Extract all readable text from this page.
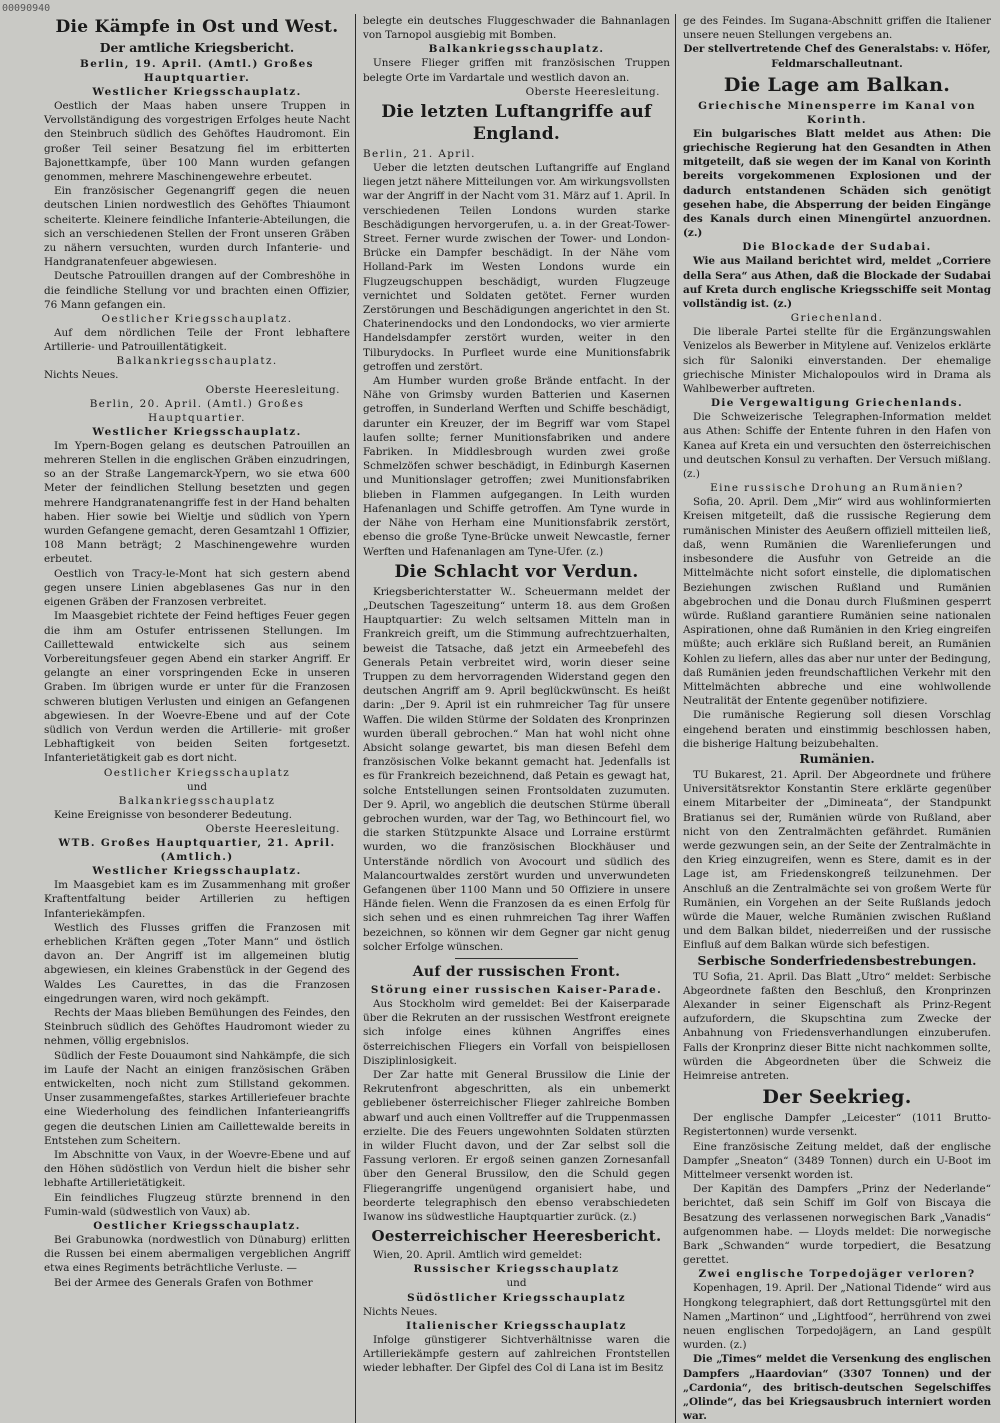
00090940
Die Kämpfe in Ost und West.
Der amtliche Kriegsbericht.
Berlin, 19. April. (Amtl.) Großes Hauptquartier.
Westlicher Kriegsschauplatz.

Oestlich der Maas haben unsere Truppen in Vervollständigung des vorgestrigen Erfolges heute Nacht den Steinbruch südlich des Gehöftes Haudromont. Ein großer Teil seiner Besatzung fiel im erbitterten Bajonettkampfe, über 100 Mann wurden gefangen genommen, mehrere Maschinengewehre erbeutet.

Ein französischer Gegenangriff gegen die neuen deutschen Linien nordwestlich des Gehöftes Thiaumont scheiterte. Kleinere feindliche Infanterie-Abteilungen, die sich an verschiedenen Stellen der Front unseren Gräben zu nähern versuchten, wurden durch Infanterie- und Handgranatenfeuer abgewiesen.

Deutsche Patrouillen drangen auf der Combreshöhe in die feindliche Stellung vor und brachten einen Offizier, 76 Mann gefangen ein.

Oestlicher Kriegsschauplatz.

Auf dem nördlichen Teile der Front lebhaftere Artillerie- und Patrouillentätigkeit.

Balkankriegsschauplatz.

Nichts Neues.

Oberste Heeresleitung.
Berlin, 20. April. (Amtl.) Großes Hauptquartier.
Westlicher Kriegsschauplatz.

Im Ypern-Bogen gelang es deutschen Patrouillen an mehreren Stellen in die englischen Gräben einzudringen, so an der Straße Langemarck-Ypern, wo sie etwa 600 Meter der feindlichen Stellung besetzten und gegen mehrere Handgranatenangriffe fest in der Hand behalten haben. Hier sowie bei Wieltje und südlich von Ypern wurden Gefangene gemacht, deren Gesamtzahl 1 Offizier, 108 Mann beträgt; 2 Maschinengewehre wurden erbeutet.

Oestlich von Tracy-le-Mont hat sich gestern abend gegen unsere Linien abgeblasenes Gas nur in den eigenen Gräben der Franzosen verbreitet.

Im Maasgebiet richtete der Feind heftiges Feuer gegen die ihm am Ostufer entrissenen Stellungen. Im Caillettewald entwickelte sich aus seinem Vorbereitungsfeuer gegen Abend ein starker Angriff. Er gelangte an einer vorspringenden Ecke in unseren Graben. Im übrigen wurde er unter für die Franzosen schweren blutigen Verlusten und einigen an Gefangenen abgewiesen. In der Woevre-Ebene und auf der Cote südlich von Verdun werden die Artillerie- mit großer Lebhaftigkeit von beiden Seiten fortgesetzt. Infanterietätigkeit gab es dort nicht.

Oestlicher Kriegsschauplatz
und
Balkankriegsschauplatz

Keine Ereignisse von besonderer Bedeutung.

Oberste Heeresleitung.
WTB. Großes Hauptquartier, 21. April. (Amtlich.)
Westlicher Kriegsschauplatz.

Im Maasgebiet kam es im Zusammenhang mit großer Kraftentfaltung beider Artillerien zu heftigen Infanteriekämpfen.

Westlich des Flusses griffen die Franzosen mit erheblichen Kräften gegen „Toter Mann“ und östlich davon an. Der Angriff ist im allgemeinen blutig abgewiesen, ein kleines Grabenstück in der Gegend des Waldes Les Caurettes, in das die Franzosen eingedrungen waren, wird noch gekämpft.

Rechts der Maas blieben Bemühungen des Feindes, den Steinbruch südlich des Gehöftes Haudromont wieder zu nehmen, völlig ergebnislos.

Südlich der Feste Douaumont sind Nahkämpfe, die sich im Laufe der Nacht an einigen französischen Gräben entwickelten, noch nicht zum Stillstand gekommen. Unser zusammengefaßtes, starkes Artilleriefeuer brachte eine Wiederholung des feindlichen Infanterieangriffs gegen die deutschen Linien am Caillettewalde bereits in Entstehen zum Scheitern.

Im Abschnitte von Vaux, in der Woevre-Ebene und auf den Höhen südöstlich von Verdun hielt die bisher sehr lebhafte Artillerietätigkeit.

Ein feindliches Flugzeug stürzte brennend in den Fumin-wald (südwestlich von Vaux) ab.

Oestlicher Kriegsschauplatz.

Bei Grabunowka (nordwestlich von Dünaburg) erlitten die Russen bei einem abermaligen vergeblichen Angriff etwa eines Regiments beträchtliche Verluste. —

Bei der Armee des Generals Grafen von Bothmer

belegte ein deutsches Fluggeschwader die Bahnanlagen von Tarnopol ausgiebig mit Bomben.

Balkankriegsschauplatz.

Unsere Flieger griffen mit französischen Truppen belegte Orte im Vardartale und westlich davon an.

Oberste Heeresleitung.
Die letzten Luftangriffe auf England.
Berlin, 21. April.

Ueber die letzten deutschen Luftangriffe auf England liegen jetzt nähere Mitteilungen vor. Am wirkungsvollsten war der Angriff in der Nacht vom 31. März auf 1. April. In verschiedenen Teilen Londons wurden starke Beschädigungen hervorgerufen, u. a. in der Great-Tower-Street. Ferner wurde zwischen der Tower- und London-Brücke ein Dampfer beschädigt. In der Nähe vom Holland-Park im Westen Londons wurde ein Flugzeugschuppen beschädigt, wurden Flugzeuge vernichtet und Soldaten getötet. Ferner wurden Zerstörungen und Beschädigungen angerichtet in den St. Chaterinendocks und den Londondocks, wo vier armierte Handelsdampfer zerstört wurden, weiter in den Tilburydocks. In Purfleet wurde eine Munitionsfabrik getroffen und zerstört.

Am Humber wurden große Brände entfacht. In der Nähe von Grimsby wurden Batterien und Kasernen getroffen, in Sunderland Werften und Schiffe beschädigt, darunter ein Kreuzer, der im Begriff war vom Stapel laufen sollte; ferner Munitionsfabriken und andere Fabriken. In Middlesbrough wurden zwei große Schmelzöfen schwer beschädigt, in Edinburgh Kasernen und Munitionslager getroffen; zwei Munitionsfabriken blieben in Flammen aufgegangen. In Leith wurden Hafenanlagen und Schiffe getroffen. Am Tyne wurde in der Nähe von Herham eine Munitionsfabrik zerstört, ebenso die große Tyne-Brücke unweit Newcastle, ferner Werften und Hafenanlagen am Tyne-Ufer. (z.)

Die Schlacht vor Verdun.

Kriegsberichterstatter W.. Scheuermann meldet der „Deutschen Tageszeitung“ unterm 18. aus dem Großen Hauptquartier: Zu welch seltsamen Mitteln man in Frankreich greift, um die Stimmung aufrechtzuerhalten, beweist die Tatsache, daß jetzt ein Armeebefehl des Generals Petain verbreitet wird, worin dieser seine Truppen zu dem hervorragenden Widerstand gegen den deutschen Angriff am 9. April beglückwünscht. Es heißt darin: „Der 9. April ist ein ruhmreicher Tag für unsere Waffen. Die wilden Stürme der Soldaten des Kronprinzen wurden überall gebrochen.“ Man hat wohl nicht ohne Absicht solange gewartet, bis man diesen Befehl dem französischen Volke bekannt gemacht hat. Jedenfalls ist es für Frankreich bezeichnend, daß Petain es gewagt hat, solche Entstellungen seinen Frontsoldaten zuzumuten. Der 9. April, wo angeblich die deutschen Stürme überall gebrochen wurden, war der Tag, wo Bethincourt fiel, wo die starken Stützpunkte Alsace und Lorraine erstürmt wurden, wo die französischen Blockhäuser und Unterstände nördlich von Avocourt und südlich des Malancourtwaldes zerstört wurden und unverwundeten Gefangenen über 1100 Mann und 50 Offiziere in unsere Hände fielen. Wenn die Franzosen da es einen Erfolg für sich sehen und es einen ruhmreichen Tag ihrer Waffen bezeichnen, so können wir dem Gegner gar nicht genug solcher Erfolge wünschen.

Auf der russischen Front.
Störung einer russischen Kaiser-Parade.

Aus Stockholm wird gemeldet: Bei der Kaiserparade über die Rekruten an der russischen Westfront ereignete sich infolge eines kühnen Angriffes eines österreichischen Fliegers ein Vorfall von beispiellosen Disziplinlosigkeit.

Der Zar hatte mit General Brussilow die Linie der Rekrutenfront abgeschritten, als ein unbemerkt gebliebener österreichischer Flieger zahlreiche Bomben abwarf und auch einen Volltreffer auf die Truppenmassen erzielte. Die des Feuers ungewohnten Soldaten stürzten in wilder Flucht davon, und der Zar selbst soll die Fassung verloren. Er ergoß seinen ganzen Zornesanfall über den General Brussilow, den die Schuld gegen Fliegerangriffe ungenügend organisiert habe, und beorderte telegraphisch den ebenso verabschiedeten Iwanow ins südwestliche Hauptquartier zurück. (z.)

Oesterreichischer Heeresbericht.

Wien, 20. April. Amtlich wird gemeldet:

Russischer Kriegsschauplatz
und
Südöstlicher Kriegsschauplatz

Nichts Neues.

Italienischer Kriegsschauplatz

Infolge günstigerer Sichtverhältnisse waren die Artilleriekämpfe gestern auf zahlreichen Frontstellen wieder lebhafter. Der Gipfel des Col di Lana ist im Besitz

ge des Feindes. Im Sugana-Abschnitt griffen die Italiener unsere neuen Stellungen vergebens an.

Der stellvertretende Chef des Generalstabs: v. Höfer, Feldmarschalleutnant.
Die Lage am Balkan.
Griechische Minensperre im Kanal von Korinth.

Ein bulgarisches Blatt meldet aus Athen: Die griechische Regierung hat den Gesandten in Athen mitgeteilt, daß sie wegen der im Kanal von Korinth bereits vorgekommenen Explosionen und der dadurch entstandenen Schäden sich genötigt gesehen habe, die Absperrung der beiden Eingänge des Kanals durch einen Minengürtel anzuordnen. (z.)

Die Blockade der Sudabai.

Wie aus Mailand berichtet wird, meldet „Corriere della Sera“ aus Athen, daß die Blockade der Sudabai auf Kreta durch englische Kriegsschiffe seit Montag vollständig ist. (z.)

Griechenland.

Die liberale Partei stellte für die Ergänzungswahlen Venizelos als Bewerber in Mitylene auf. Venizelos erklärte sich für Saloniki einverstanden. Der ehemalige griechische Minister Michalopoulos wird in Drama als Wahlbewerber auftreten.

Die Vergewaltigung Griechenlands.

Die Schweizerische Telegraphen-Information meldet aus Athen: Schiffe der Entente fuhren in den Hafen von Kanea auf Kreta ein und versuchten den österreichischen und deutschen Konsul zu verhaften. Der Versuch mißlang. (z.)

Eine russische Drohung an Rumänien?

Sofia, 20. April. Dem „Mir“ wird aus wohlinformierten Kreisen mitgeteilt, daß die russische Regierung dem rumänischen Minister des Aeußern offiziell mitteilen ließ, daß, wenn Rumänien die Warenlieferungen und insbesondere die Ausfuhr von Getreide an die Mittelmächte nicht sofort einstelle, die diplomatischen Beziehungen zwischen Rußland und Rumänien abgebrochen und die Donau durch Flußminen gesperrt würde. Rußland garantiere Rumänien seine nationalen Aspirationen, ohne daß Rumänien in den Krieg eingreifen müßte; auch erkläre sich Rußland bereit, an Rumänien Kohlen zu liefern, alles das aber nur unter der Bedingung, daß Rumänien jeden freundschaftlichen Verkehr mit den Mittelmächten abbreche und eine wohlwollende Neutralität der Entente gegenüber notifiziere.

Die rumänische Regierung soll diesen Vorschlag eingehend beraten und einstimmig beschlossen haben, die bisherige Haltung beizubehalten.

Rumänien.

TU Bukarest, 21. April. Der Abgeordnete und frühere Universitätsrektor Konstantin Stere erklärte gegenüber einem Mitarbeiter der „Dimineata“, der Standpunkt Bratianus sei der, Rumänien würde von Rußland, aber nicht von den Zentralmächten gefährdet. Rumänien werde gezwungen sein, an der Seite der Zentralmächte in den Krieg einzugreifen, wenn es Stere, damit es in der Lage ist, am Friedenskongreß teilzunehmen. Der Anschluß an die Zentralmächte sei von großem Werte für Rumänien, ein Vorgehen an der Seite Rußlands jedoch würde die Mauer, welche Rumänien zwischen Rußland und dem Balkan bildet, niederreißen und der russische Einfluß auf dem Balkan würde sich befestigen.

Serbische Sonderfriedensbestrebungen.

TU Sofia, 21. April. Das Blatt „Utro“ meldet: Serbische Abgeordnete faßten den Beschluß, den Kronprinzen Alexander in seiner Eigenschaft als Prinz-Regent aufzufordern, die Skupschtina zum Zwecke der Anbahnung von Friedensverhandlungen einzuberufen. Falls der Kronprinz dieser Bitte nicht nachkommen sollte, würden die Abgeordneten über die Schweiz die Heimreise antreten.

Der Seekrieg.

Der englische Dampfer „Leicester“ (1011 Brutto-Registertonnen) wurde versenkt.

Eine französische Zeitung meldet, daß der englische Dampfer „Sneaton“ (3489 Tonnen) durch ein U-Boot im Mittelmeer versenkt worden ist.

Der Kapitän des Dampfers „Prinz der Nederlande“ berichtet, daß sein Schiff im Golf von Biscaya die Besatzung des verlassenen norwegischen Bark „Vanadis“ aufgenommen habe. — Lloyds meldet: Die norwegische Bark „Schwanden“ wurde torpediert, die Besatzung gerettet.

Zwei englische Torpedojäger verloren?

Kopenhagen, 19. April. Der „National Tidende“ wird aus Hongkong telegraphiert, daß dort Rettungsgürtel mit den Namen „Martinon“ und „Lightfood“, herrührend von zwei neuen englischen Torpedojägern, an Land gespült wurden. (z.)

Die „Times“ meldet die Versenkung des englischen Dampfers „Haardovian“ (3307 Tonnen) und der „Cardonia“, des britisch-deutschen Segelschiffes „Olinde“, das bei Kriegsausbruch interniert worden war.
